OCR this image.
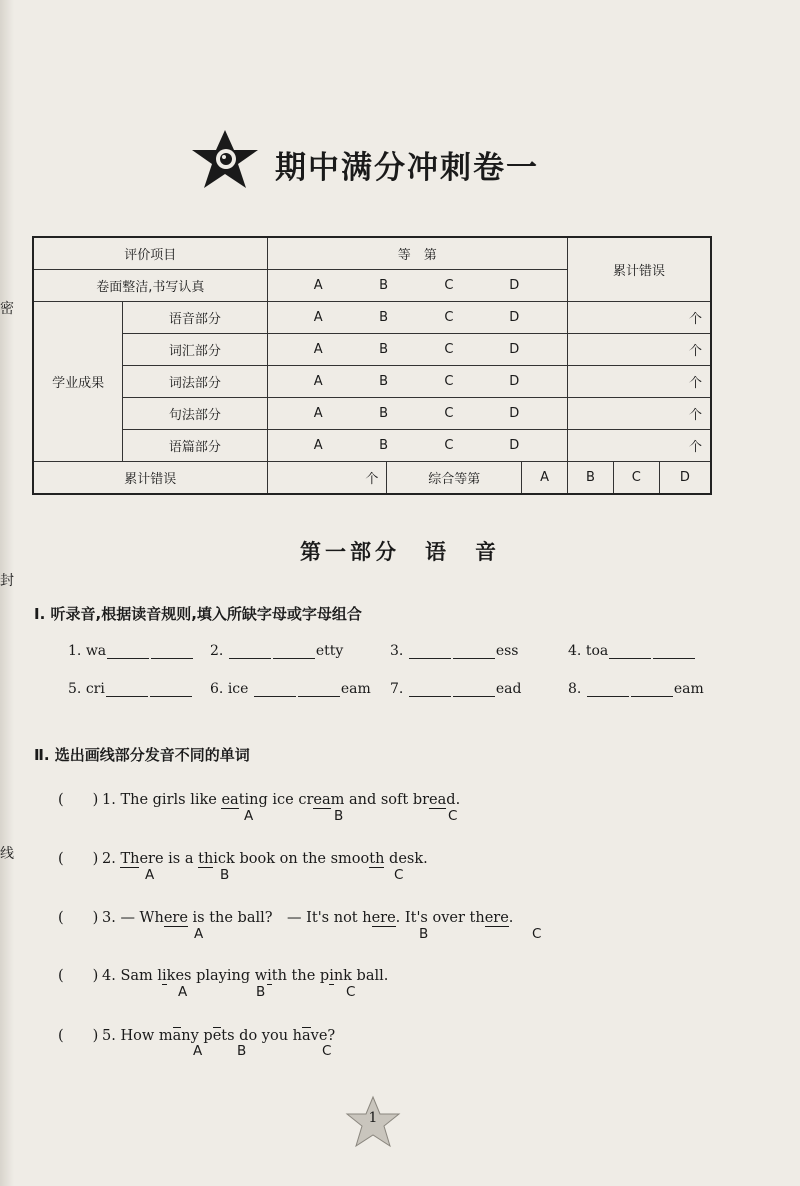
密
封
线
期中满分冲刺卷一
评价项目		等　第			累计错误		
卷面整洁,书写认真		A B C D					

学业成果	语音部分	A B C D			个		
	词汇部分	A B C D			个		
	词法部分	A B C D			个		
	句法部分	A B C D			个		
	语篇部分	A B C D			个		
累计错误		个	综合等第	A	B	C	D
第一部分　语　音
Ⅰ. 听录音,根据读音规则,填入所缺字母或字母组合
1. wa	2.	etty	3.	ess	4. toa
5. cri	6. ice	eam 7.	ead	8.	eam
Ⅱ. 选出画线部分发音不同的单词
(　　) 1. The girls like eating ice cream and soft bread.
(　　) 2. There is a thick book on the smooth desk.
(　　) 3. — Where is the ball?　— It's not here. It's over there.
(　　) 4. Sam likes playing with the pink ball.
(　　) 5. How many pets do you have?
A	B	C
A	B	C
A	B	C
A	B	C
A	B	C
1
